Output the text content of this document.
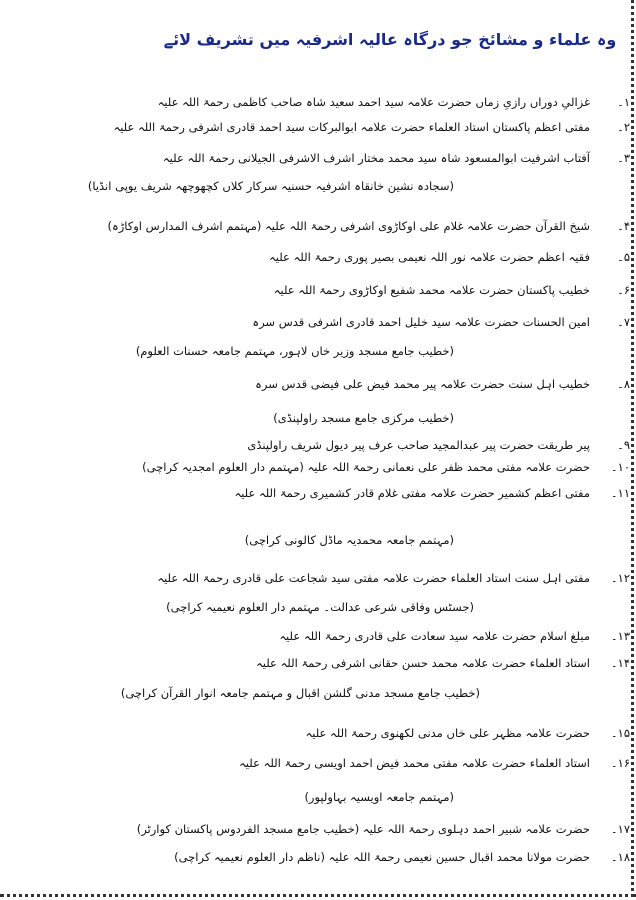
وہ علماء و مشائخ جو درگاہ عالیہ اشرفیہ میں تشریف لائے
۱۔
غزالیِ دوراں رازیِ زماں حضرت علامہ سید احمد سعید شاہ صاحب کاظمی رحمۃ اللہ علیہ
۲۔
مفتی اعظم پاکستان استاد العلماء حضرت علامہ ابوالبرکات سید احمد قادری اشرفی رحمۃ اللہ علیہ
۳۔
آفتاب اشرفیت ابوالمسعود شاہ سید محمد مختار اشرف الاشرفی الجیلانی رحمۃ اللہ علیہ
(سجادہ نشین خانقاہ اشرفیہ حسنیہ سرکار کلاں کچھوچھہ شریف یوپی انڈیا)
۴۔
شیخ القرآن حضرت علامہ غلام علی اوکاڑوی اشرفی رحمۃ اللہ علیہ (مہتمم اشرف المدارس اوکاڑہ)
۵۔
فقیہ اعظم حضرت علامہ نور اللہ نعیمی بصیر پوری رحمۃ اللہ علیہ
۶۔
خطیب پاکستان حضرت علامہ محمد شفیع اوکاڑوی رحمۃ اللہ علیہ
۷۔
امین الحسنات حضرت علامہ سید خلیل احمد قادری اشرفی قدس سرہ
(خطیب جامع مسجد وزیر خاں لاہور، مہتمم جامعہ حسنات العلوم)
۸۔
خطیب اہل سنت حضرت علامہ پیر محمد فیض علی فیضی قدس سرہ
(خطیب مرکزی جامع مسجد راولپنڈی)
۹۔
پیر طریقت حضرت پیر عبدالمجید صاحب عرف پیر دیول شریف راولپنڈی
۱۰۔
حضرت علامہ مفتی محمد ظفر علی نعمانی رحمۃ اللہ علیہ (مہتمم دار العلوم امجدیہ کراچی)
۱۱۔
مفتی اعظم کشمیر حضرت علامہ مفتی غلام قادر کشمیری رحمۃ اللہ علیہ
(مہتمم جامعہ محمدیہ ماڈل کالونی کراچی)
۱۲۔
مفتی اہل سنت استاد العلماء حضرت علامہ مفتی سید شجاعت علی قادری رحمۃ اللہ علیہ
(جسٹس وفاقی شرعی عدالت۔ مہتمم دار العلوم نعیمیہ کراچی)
۱۳۔
مبلغ اسلام حضرت علامہ سید سعادت علی قادری رحمۃ اللہ علیہ
۱۴۔
استاد العلماء حضرت علامہ محمد حسن حقانی اشرفی رحمۃ اللہ علیہ
(خطیب جامع مسجد مدنی گلشن اقبال و مہتمم جامعہ انوار القرآن کراچی)
۱۵۔
حضرت علامہ مظہر علی خاں مدنی لکھنوی رحمۃ اللہ علیہ
۱۶۔
استاد العلماء حضرت علامہ مفتی محمد فیض احمد اویسی رحمۃ اللہ علیہ
(مہتمم جامعہ اویسیہ بہاولپور)
۱۷۔
حضرت علامہ شبیر احمد دہلوی رحمۃ اللہ علیہ (خطیب جامع مسجد الفردوس پاکستان کوارٹر)
۱۸۔
حضرت مولانا محمد اقبال حسین نعیمی رحمۃ اللہ علیہ (ناظم دار العلوم نعیمیہ کراچی)
